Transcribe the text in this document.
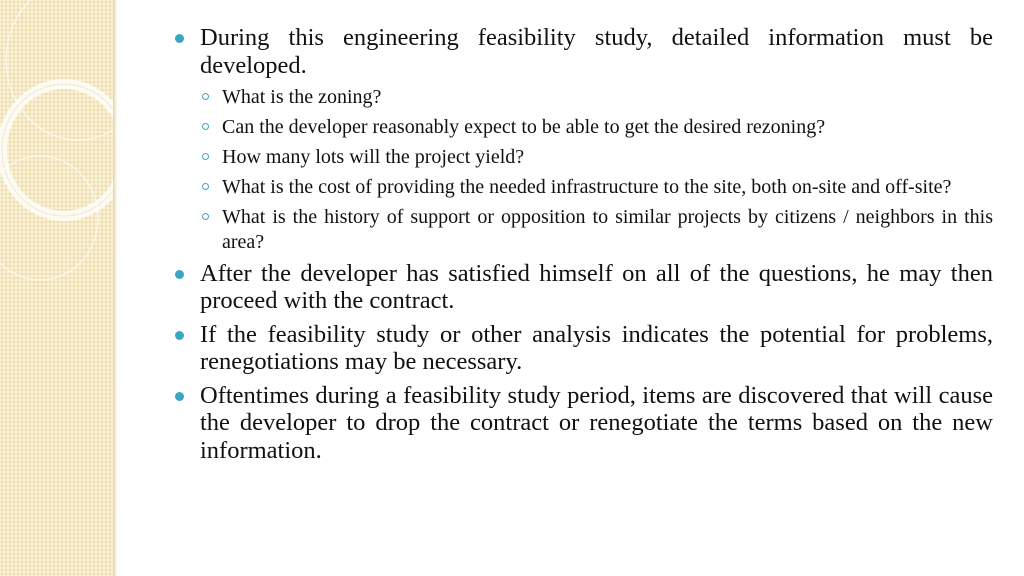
During this engineering feasibility study, detailed information must be developed.
What is the zoning?
Can the developer reasonably expect to be able to get the desired rezoning?
How many lots will the project yield?
What is the cost of providing the needed infrastructure to the site, both on-site and off-site?
What is the history of support or opposition to similar projects by citizens / neighbors in this area?
After the developer has satisfied himself on all of the questions, he may then proceed with the contract.
If the feasibility study or other analysis indicates the potential for problems, renegotiations may be necessary.
Oftentimes during a feasibility study period, items are discovered that will cause the developer to drop the contract or renegotiate the terms based on the new information.
